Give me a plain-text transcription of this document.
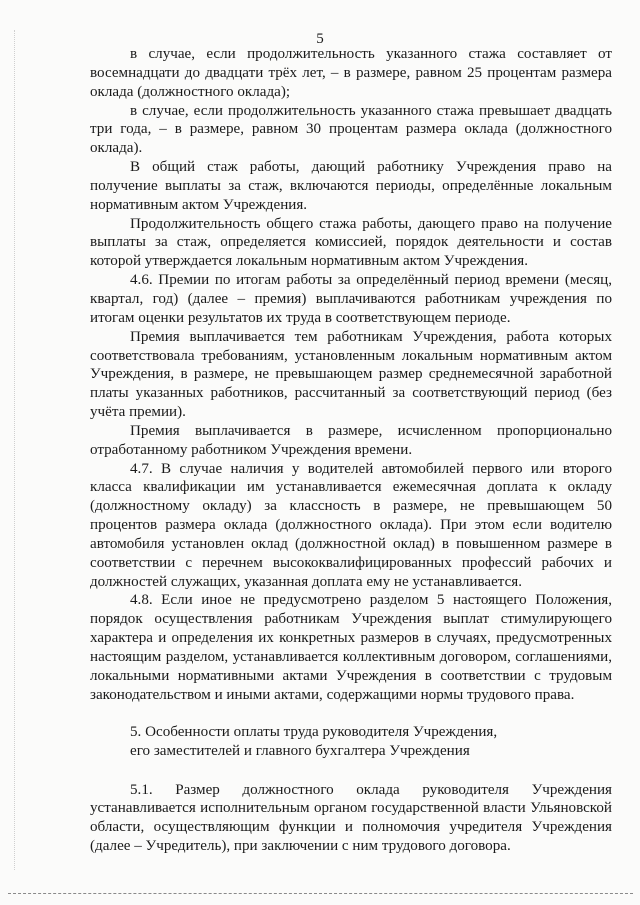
5

в случае, если продолжительность указанного стажа составляет от восемнадцати до двадцати трёх лет, – в размере, равном 25 процентам размера оклада (должностного оклада);

в случае, если продолжительность указанного стажа превышает двадцать три года, – в размере, равном 30 процентам размера оклада (должностного оклада).

В общий стаж работы, дающий работнику Учреждения право на получение выплаты за стаж, включаются периоды, определённые локальным нормативным актом Учреждения.

Продолжительность общего стажа работы, дающего право на получение выплаты за стаж, определяется комиссией, порядок деятельности и состав которой утверждается локальным нормативным актом Учреждения.

4.6. Премии по итогам работы за определённый период времени (месяц, квартал, год) (далее – премия) выплачиваются работникам учреждения по итогам оценки результатов их труда в соответствующем периоде.

Премия выплачивается тем работникам Учреждения, работа которых соответствовала требованиям, установленным локальным нормативным актом Учреждения, в размере, не превышающем размер среднемесячной заработной платы указанных работников, рассчитанный за соответствующий период (без учёта премии).

Премия выплачивается в размере, исчисленном пропорционально отработанному работником Учреждения времени.

4.7. В случае наличия у водителей автомобилей первого или второго класса квалификации им устанавливается ежемесячная доплата к окладу (должностному окладу) за классность в размере, не превышающем 50 процентов размера оклада (должностного оклада). При этом если водителю автомобиля установлен оклад (должностной оклад) в повышенном размере в соответствии с перечнем высококвалифицированных профессий рабочих и должностей служащих, указанная доплата ему не устанавливается.

4.8. Если иное не предусмотрено разделом 5 настоящего Положения, порядок осуществления работникам Учреждения выплат стимулирующего характера и определения их конкретных размеров в случаях, предусмотренных настоящим разделом, устанавливается коллективным договором, соглашениями, локальными нормативными актами Учреждения в соответствии с трудовым законодательством и иными актами, содержащими нормы трудового права.

5. Особенности оплаты труда руководителя Учреждения,

его заместителей и главного бухгалтера Учреждения

5.1. Размер должностного оклада руководителя Учреждения устанавливается исполнительным органом государственной власти Ульяновской области, осуществляющим функции и полномочия учредителя Учреждения (далее – Учредитель), при заключении с ним трудового договора.
